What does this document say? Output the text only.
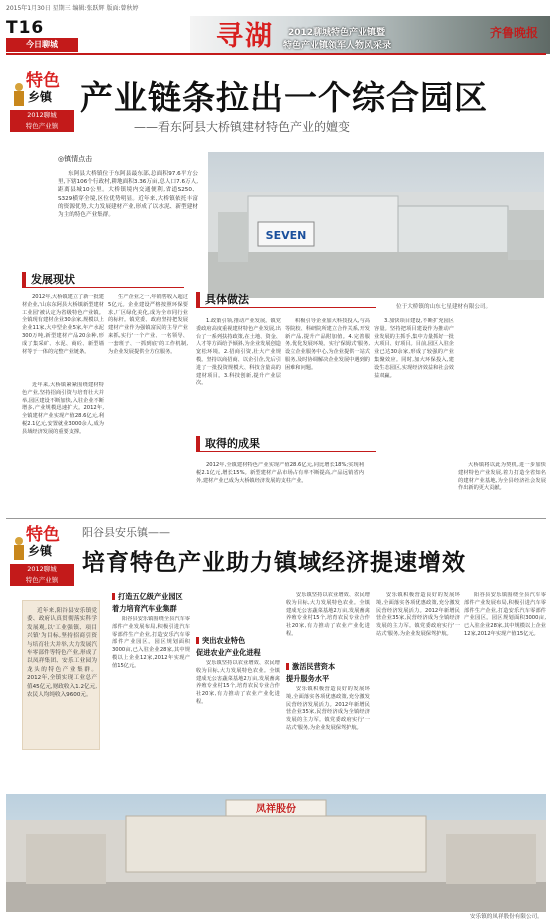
2015年1月30日 星期三 编辑:张跃辉 版面:曾秋婷
T16
今日聊城	寻湖 2012聊城特色产业镇暨
特色产业镇领军人物风采录
齐鲁晚报
特色
乡镇
2012聊城
特色产业镇
产业链条拉出一个综合园区
——看东阿县大桥镇建材特色产业的嬗变
◎镇情点击

东阿县大桥镇位于东阿县最东部,总面积97.6平方公里,下辖106个行政村,耕地面积3.36万亩,总人口7.6万人,距离县城10公里。大桥镇境内交通便利,省道S250、S329横穿全境,区位优势明显。近年来,大桥镇依托丰富的资源优势,大力发展建材产业,形成了以水泥、新型建材为主的特色产业集群。

SEVEN
位于大桥镇的山东七星建材有限公司。
发展现状

2012年,大桥镇建立了新一批建材企业,'山东东阿县大桥镇新型建材工业园'被认定为省级特色产业镇。全镇现有建材企业30余家,规模以上企业11家,大中型企业5家,年产水泥300万吨,新型建材产品20余种,形成了集采矿、水泥、商砼、新型墙材等于一体的完整产业链条。

近年来,大桥镇紧紧围绕建材特色产业,坚持招商引资与培育壮大并举,园区建设不断加快,入驻企业不断增多,产业规模迅速扩大。2012年,全镇建材产业实现产值28.6亿元,利税2.1亿元,安置就业3000余人,成为县域经济发展的重要支撑。

生产企业之一,年销售收入超过5亿元。企业建设严格按照环保要求,厂区绿化美化,成为全市同行业的标杆。镇党委、政府坚持把发展建材产业作为强镇富民的主导产业来抓,实行'一个产业、一名领导、一套班子、一抓到底'的工作机制,为企业发展提供全方位服务。

具体做法

1.政策引领,推动产业发展。镇党委政府高度重视建材特色产业发展,出台了一系列扶持政策,在土地、资金、人才等方面给予倾斜,为企业发展创造宽松环境。2.招商引资,壮大产业规模。坚持以商招商、以企引企,先后引进了一批投资规模大、科技含量高的建材项目。3.科技创新,提升产业层次。

积极引导企业加大科技投入,与高等院校、科研院所建立合作关系,开发新产品,提升产品附加值。4.完善服务,优化发展环境。实行'保姆式'服务,设立企业服务中心,为企业提供一站式服务,及时协调解决企业发展中遇到的困难和问题。

3.加快项目建设,不断扩充园区容量。坚持把项目建设作为推动产业发展的主抓手,集中力量抓好一批大项目、好项目。目前,园区入驻企业已达30余家,形成了较强的产业集聚效应。同时,加大环保投入,建设生态园区,实现经济效益和社会效益双赢。

取得的成果

2012年,全镇建材特色产业实现产值28.6亿元,同比增长18%;实现利税2.1亿元,增长15%。新型建材产品市场占有率不断提高,产品远销省内外,建材产业已成为大桥镇经济发展的支柱产业。

大桥镇将以此为契机,进一步加快建材特色产业发展,着力打造全省知名的建材产业基地,为全县经济社会发展作出新的更大贡献。

特色
乡镇
2012聊城
特色产业镇
阳谷县安乐镇——
培育特色产业助力镇域经济提速增效

近年来,阳谷县安乐镇党委、政府认真贯彻落实科学发展观,以'工业强镇、项目兴镇'为目标,坚持招商引资与培育壮大并举,大力发展汽车零部件等特色产业,形成了以凤祥集团、安乐工业园为龙头的特色产业集群。2012年,全镇实现工业总产值45亿元,财政收入1.2亿元,农民人均纯收入9600元。

打造五亿级产业园区
着力培育汽车业集群

阳谷县安乐镇围绕全县汽车零部件产业发展布局,积极引进汽车零部件生产企业,打造安乐汽车零部件产业园区。园区规划面积3000亩,已入驻企业28家,其中规模以上企业12家,2012年实现产值15亿元。

突出农业特色
促进农业产业化进程

安乐镇坚持以农业增效、农民增收为目标,大力发展特色农业。全镇建成无公害蔬菜基地2万亩,发展畜禽养殖专业村15个,培育农民专业合作社20家,有力推动了农业产业化进程。

安乐镇坚持以农业增效、农民增收为目标,大力发展特色农业。全镇建成无公害蔬菜基地2万亩,发展畜禽养殖专业村15个,培育农民专业合作社20家,有力推动了农业产业化进程。

激活民营资本
提升服务水平

安乐镇积极营造良好的发展环境,全面落实各项优惠政策,充分激发民营经济发展活力。2012年新增民营企业35家,民营经济成为全镇经济发展的主力军。镇党委政府实行'一站式'服务,为企业发展保驾护航。

安乐镇积极营造良好的发展环境,全面落实各项优惠政策,充分激发民营经济发展活力。2012年新增民营企业35家,民营经济成为全镇经济发展的主力军。镇党委政府实行'一站式'服务,为企业发展保驾护航。

阳谷县安乐镇围绕全县汽车零部件产业发展布局,积极引进汽车零部件生产企业,打造安乐汽车零部件产业园区。园区规划面积3000亩,已入驻企业28家,其中规模以上企业12家,2012年实现产值15亿元。

凤祥股份
安乐镇的凤祥股份有限公司。
